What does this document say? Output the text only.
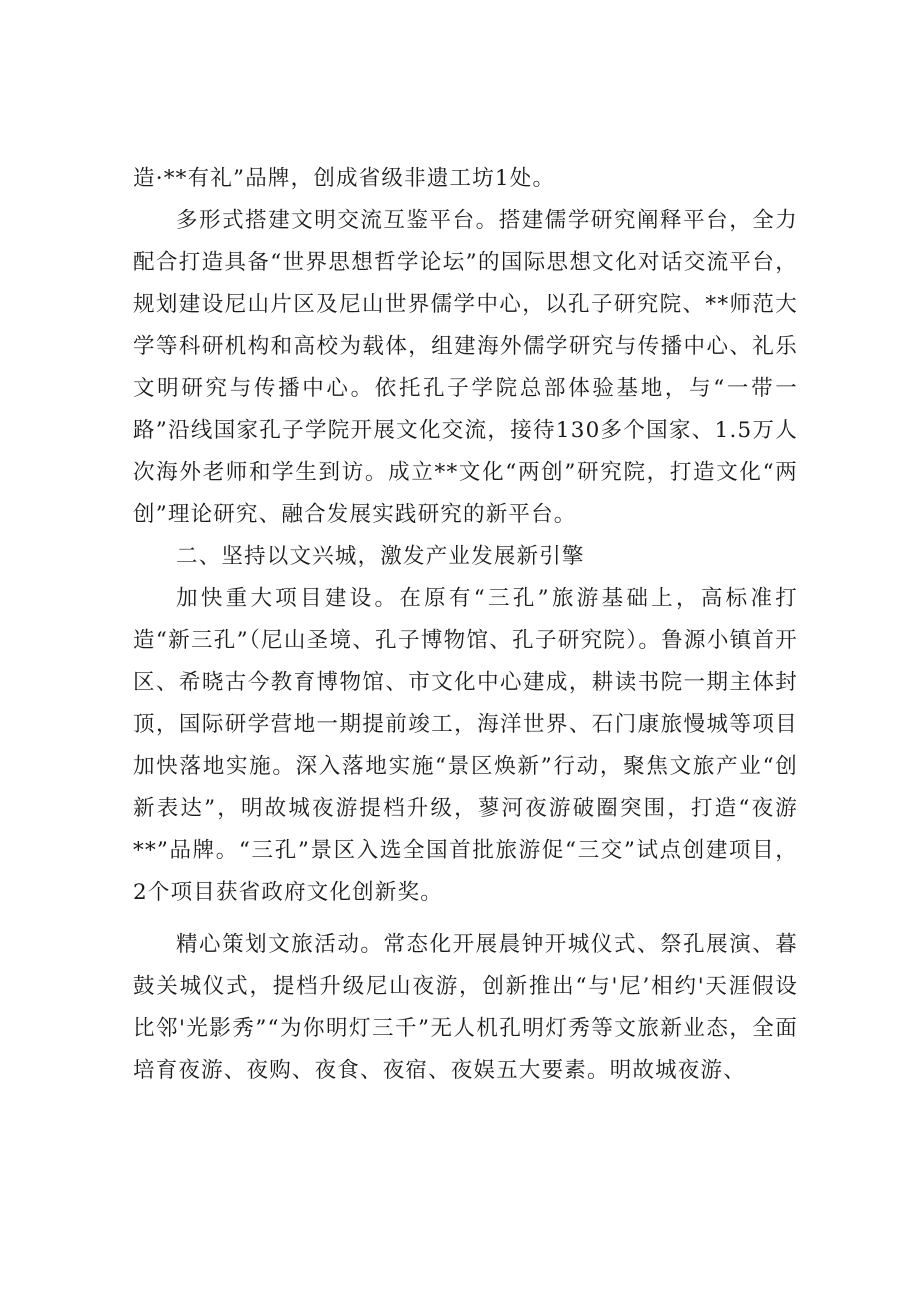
造·**有礼”品牌，创成省级非遗工坊1处。

多形式搭建文明交流互鉴平台。搭建儒学研究阐释平台，全力配合打造具备“世界思想哲学论坛”的国际思想文化对话交流平台，规划建设尼山片区及尼山世界儒学中心，以孔子研究院、**师范大学等科研机构和高校为载体，组建海外儒学研究与传播中心、礼乐文明研究与传播中心。依托孔子学院总部体验基地，与“一带一路”沿线国家孔子学院开展文化交流，接待130多个国家、1.5万人次海外老师和学生到访。成立**文化“两创”研究院，打造文化“两创”理论研究、融合发展实践研究的新平台。

二、坚持以文兴城，激发产业发展新引擎

加快重大项目建设。在原有“三孔”旅游基础上，高标准打造“新三孔”（尼山圣境、孔子博物馆、孔子研究院）。鲁源小镇首开区、希晓古今教育博物馆、市文化中心建成，耕读书院一期主体封顶，国际研学营地一期提前竣工，海洋世界、石门康旅慢城等项目加快落地实施。深入落地实施“景区焕新”行动，聚焦文旅产业“创新表达”，明故城夜游提档升级，蓼河夜游破圈突围，打造“夜游**”品牌。“三孔”景区入选全国首批旅游促“三交”试点创建项目，2个项目获省政府文化创新奖。

精心策划文旅活动。常态化开展晨钟开城仪式、祭孔展演、暮鼓关城仪式，提档升级尼山夜游，创新推出“与'尼’相约'天涯假设比邻'光影秀”“为你明灯三千”无人机孔明灯秀等文旅新业态，全面培育夜游、夜购、夜食、夜宿、夜娱五大要素。明故城夜游、
